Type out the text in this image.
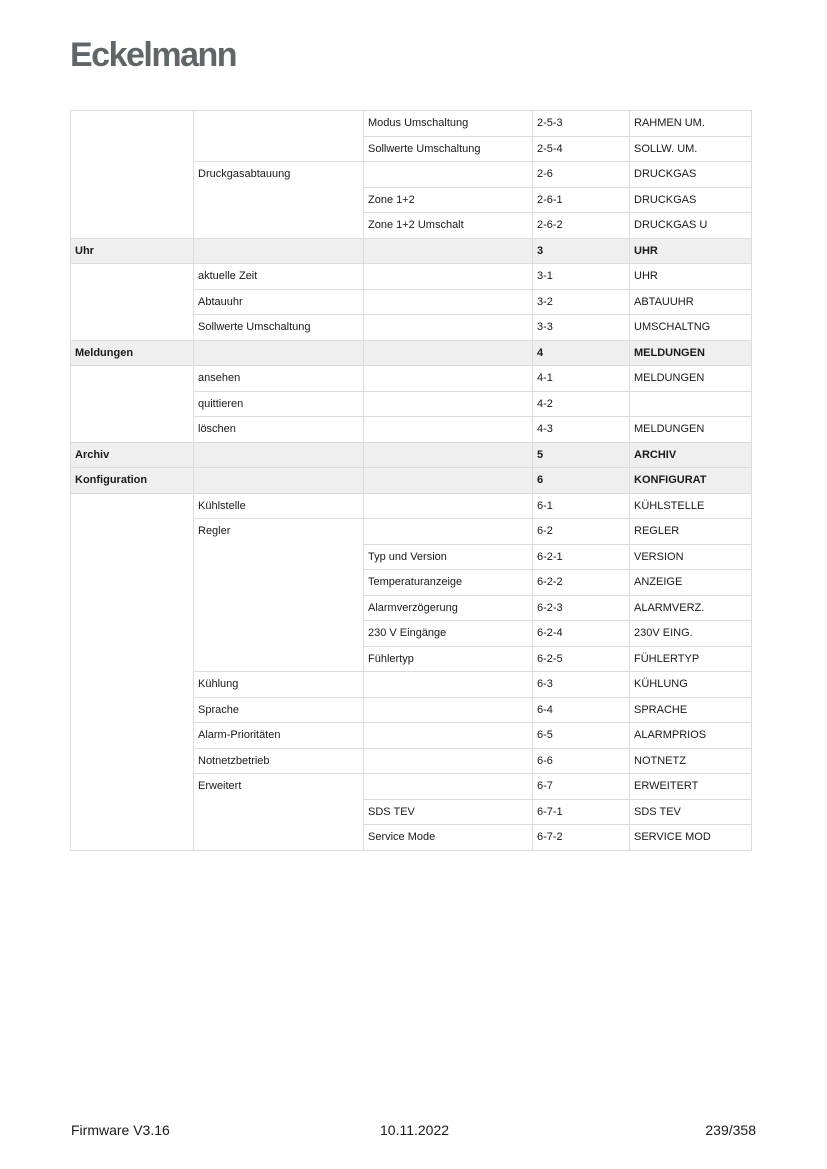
Eckelmann
		Modus Umschaltung	2-5-3	RAHMEN UM.
		Sollwerte Umschaltung	2-5-4	SOLLW. UM.
	Druckgasabtauung		2-6	DRUCKGAS
		Zone 1+2	2-6-1	DRUCKGAS
		Zone 1+2 Umschalt	2-6-2	DRUCKGAS U
Uhr			3	UHR
	aktuelle Zeit		3-1	UHR
	Abtauuhr		3-2	ABTAUUHR
	Sollwerte Umschaltung		3-3	UMSCHALTNG
Meldungen			4	MELDUNGEN
	ansehen		4-1	MELDUNGEN
	quittieren		4-2	
	löschen		4-3	MELDUNGEN
Archiv			5	ARCHIV
Konfiguration			6	KONFIGURAT
	Kühlstelle		6-1	KÜHLSTELLE
	Regler		6-2	REGLER
		Typ und Version	6-2-1	VERSION
		Temperaturanzeige	6-2-2	ANZEIGE
		Alarmverzögerung	6-2-3	ALARMVERZ.
		230 V Eingänge	6-2-4	230V EING.
		Fühlertyp	6-2-5	FÜHLERTYP
	Kühlung		6-3	KÜHLUNG
	Sprache		6-4	SPRACHE
	Alarm-Prioritäten		6-5	ALARMPRIOS
	Notnetzbetrieb		6-6	NOTNETZ
	Erweitert		6-7	ERWEITERT
		SDS TEV	6-7-1	SDS TEV
		Service Mode	6-7-2	SERVICE MOD
Firmware V3.16	10.11.2022	239/358
